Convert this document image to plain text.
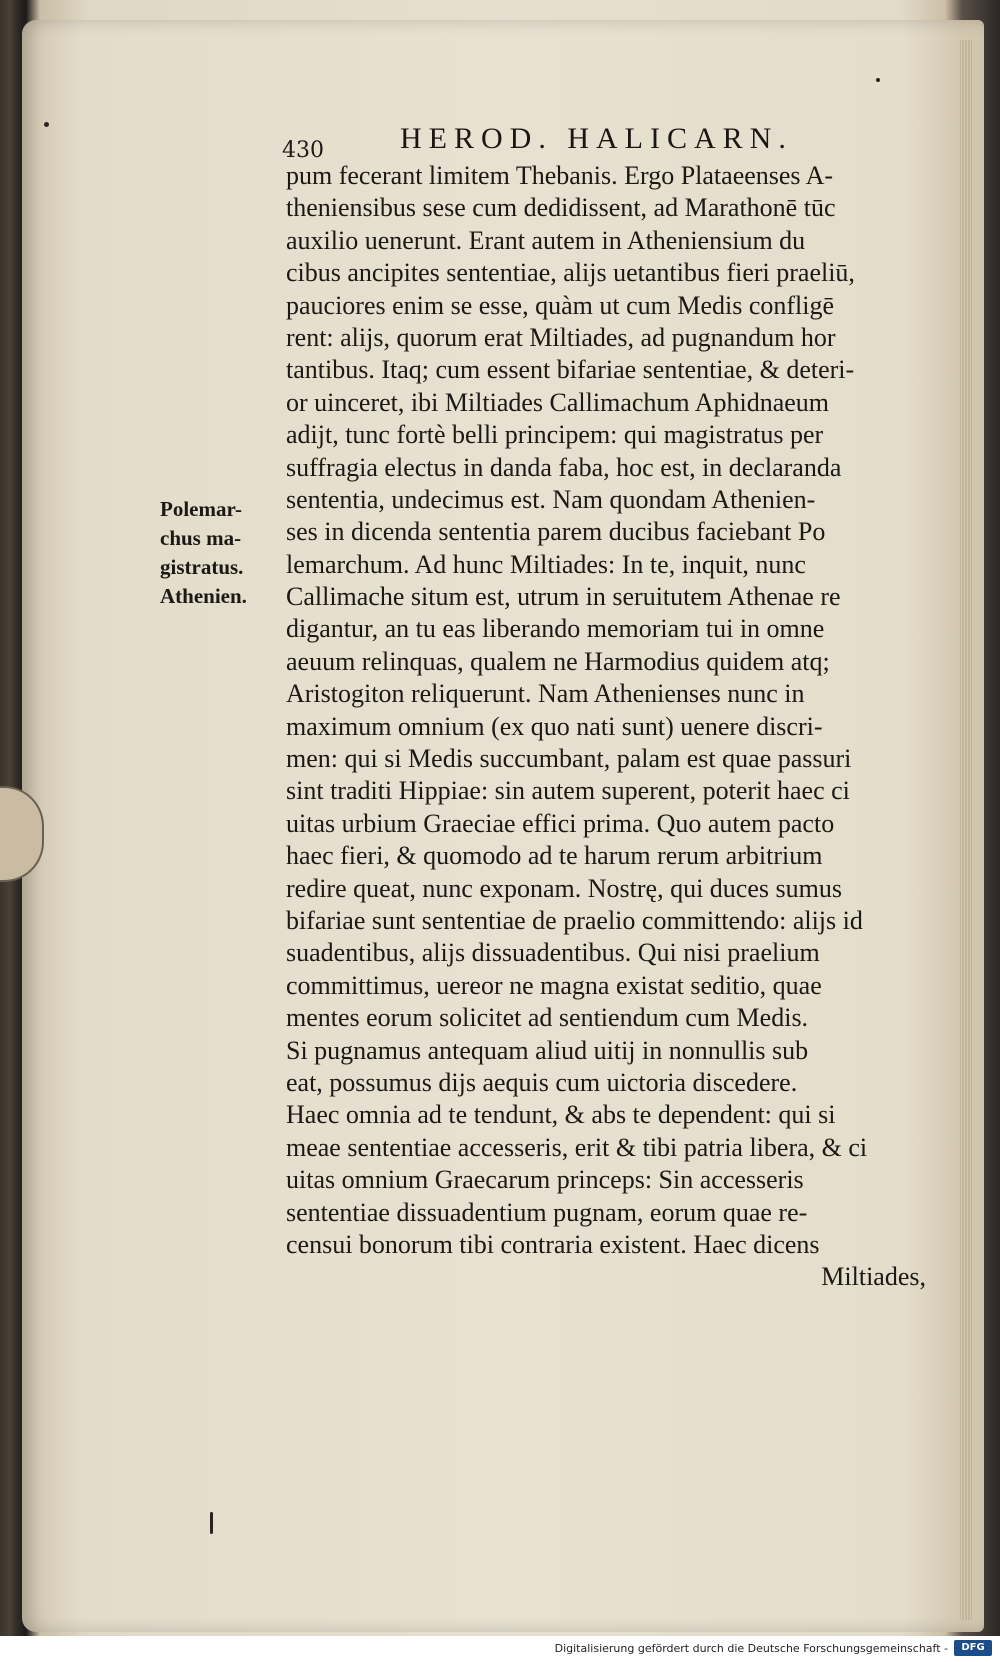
430	HEROD. HALICARN.
Polemar-
chus ma-
gistratus.
Athenien.
pum fecerant limitem Thebanis. Ergo Plataeenses A-
theniensibus sese cum dedidissent, ad Marathonē tūc
auxilio uenerunt. Erant autem in Atheniensium du
cibus ancipites sententiae, alijs uetantibus fieri praeliū,
pauciores enim se esse, quàm ut cum Medis confligē
rent: alijs, quorum erat Miltiades, ad pugnandum hor
tantibus. Itaq; cum essent bifariae sententiae, & deteri-
or uinceret, ibi Miltiades Callimachum Aphidnaeum
adijt, tunc fortè belli principem: qui magistratus per
suffragia electus in danda faba, hoc est, in declaranda
sententia, undecimus est. Nam quondam Athenien-
ses in dicenda sententia parem ducibus faciebant Po
lemarchum. Ad hunc Miltiades: In te, inquit, nunc
Callimache situm est, utrum in seruitutem Athenae re
digantur, an tu eas liberando memoriam tui in omne
aeuum relinquas, qualem ne Harmodius quidem atq;
Aristogiton reliquerunt. Nam Athenienses nunc in
maximum omnium (ex quo nati sunt) uenere discri-
men: qui si Medis succumbant, palam est quae passuri
sint traditi Hippiae: sin autem superent, poterit haec ci
uitas urbium Graeciae effici prima. Quo autem pacto
haec fieri, & quomodo ad te harum rerum arbitrium
redire queat, nunc exponam. Nostrę, qui duces sumus
bifariae sunt sententiae de praelio committendo: alijs id
suadentibus, alijs dissuadentibus. Qui nisi praelium
committimus, uereor ne magna existat seditio, quae
mentes eorum solicitet ad sentiendum cum Medis.
Si pugnamus antequam aliud uitij in nonnullis sub
eat, possumus dijs aequis cum uictoria discedere.
Haec omnia ad te tendunt, & abs te dependent: qui si
meae sententiae accesseris, erit & tibi patria libera, & ci
uitas omnium Graecarum princeps: Sin accesseris
sententiae dissuadentium pugnam, eorum quae re-
censui bonorum tibi contraria existent. Haec dicens
Miltiades,
Digitalisierung gefördert durch die Deutsche Forschungsgemeinschaft -	DFG
